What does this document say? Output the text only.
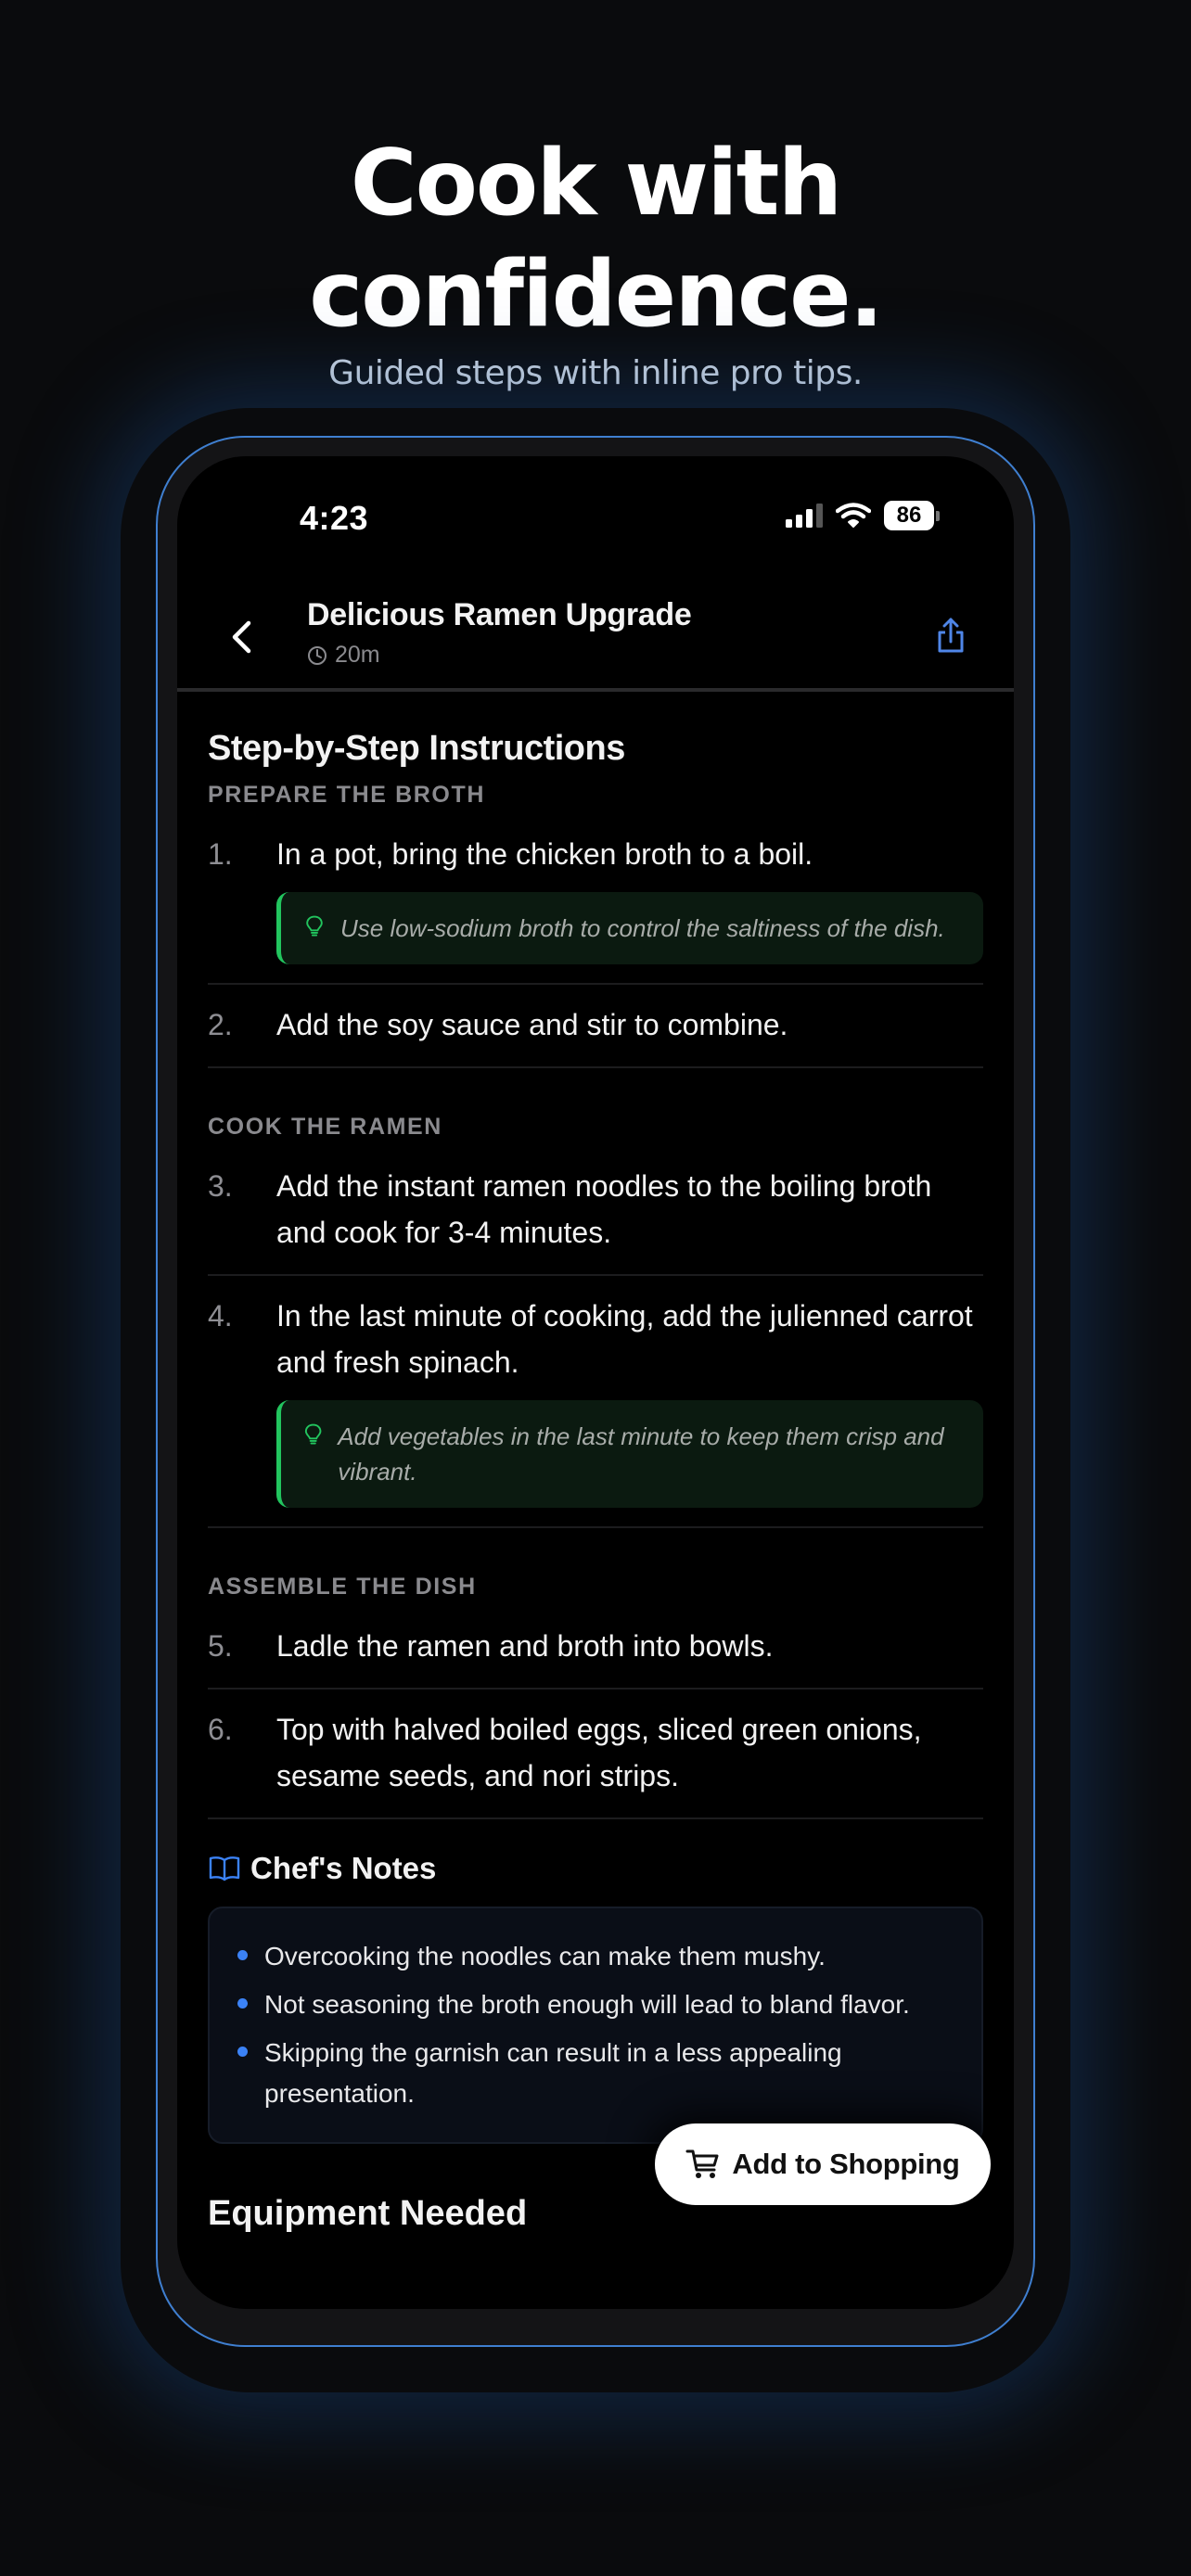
Cook with
confidence.
Guided steps with inline pro tips.
4:23	86
Delicious Ramen Upgrade
20m
Step-by-Step Instructions
PREPARE THE BROTH
1.	In a pot, bring the chicken broth to a boil.
Use low-sodium broth to control the saltiness of the dish.
2.	Add the soy sauce and stir to combine.
COOK THE RAMEN
3.	Add the instant ramen noodles to the boiling broth and cook for 3-4 minutes.
4.	In the last minute of cooking, add the julienned carrot and fresh spinach.
Add vegetables in the last minute to keep them crisp and vibrant.
ASSEMBLE THE DISH
5.	Ladle the ramen and broth into bowls.
6.	Top with halved boiled eggs, sliced green onions, sesame seeds, and nori strips.
Chef's Notes
Overcooking the noodles can make them mushy.
Not seasoning the broth enough will lead to bland flavor.
Skipping the garnish can result in a less appealing presentation.
Equipment Needed
Add to Shopping
